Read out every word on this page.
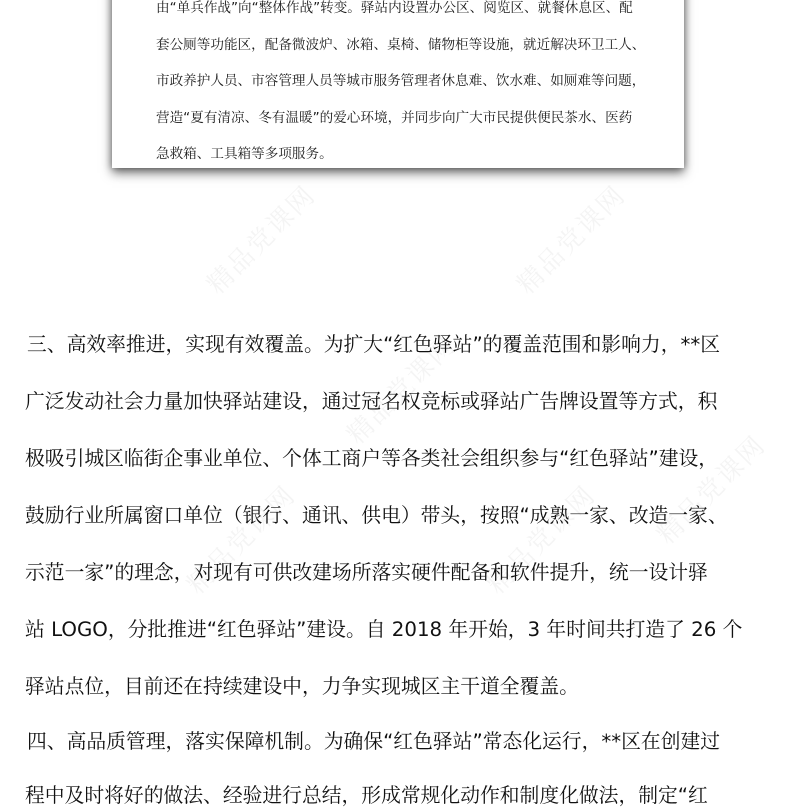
由“单兵作战”向“整体作战”转变。驿站内设置办公区、阅览区、就餐休息区、配
套公厕等功能区，配备微波炉、冰箱、桌椅、储物柜等设施，就近解决环卫工人、
市政养护人员、市容管理人员等城市服务管理者休息难、饮水难、如厕难等问题，
营造“夏有清凉、冬有温暖”的爱心环境，并同步向广大市民提供便民茶水、医药
急救箱、工具箱等多项服务。
精品党课网	精品党课网
精品党课网
精品党课网	精品党课网 精品党课网
三、高效率推进，实现有效覆盖。为扩大“红色驿站”的覆盖范围和影响力，**区
广泛发动社会力量加快驿站建设，通过冠名权竞标或驿站广告牌设置等方式，积
极吸引城区临街企事业单位、个体工商户等各类社会组织参与“红色驿站”建设，
鼓励行业所属窗口单位（银行、通讯、供电）带头，按照“成熟一家、改造一家、
示范一家”的理念，对现有可供改建场所落实硬件配备和软件提升，统一设计驿
站 LOGO，分批推进“红色驿站”建设。自 2018 年开始，3 年时间共打造了 26 个
驿站点位，目前还在持续建设中，力争实现城区主干道全覆盖。
四、高品质管理，落实保障机制。为确保“红色驿站”常态化运行，**区在创建过
程中及时将好的做法、经验进行总结，形成常规化动作和制度化做法，制定“红
